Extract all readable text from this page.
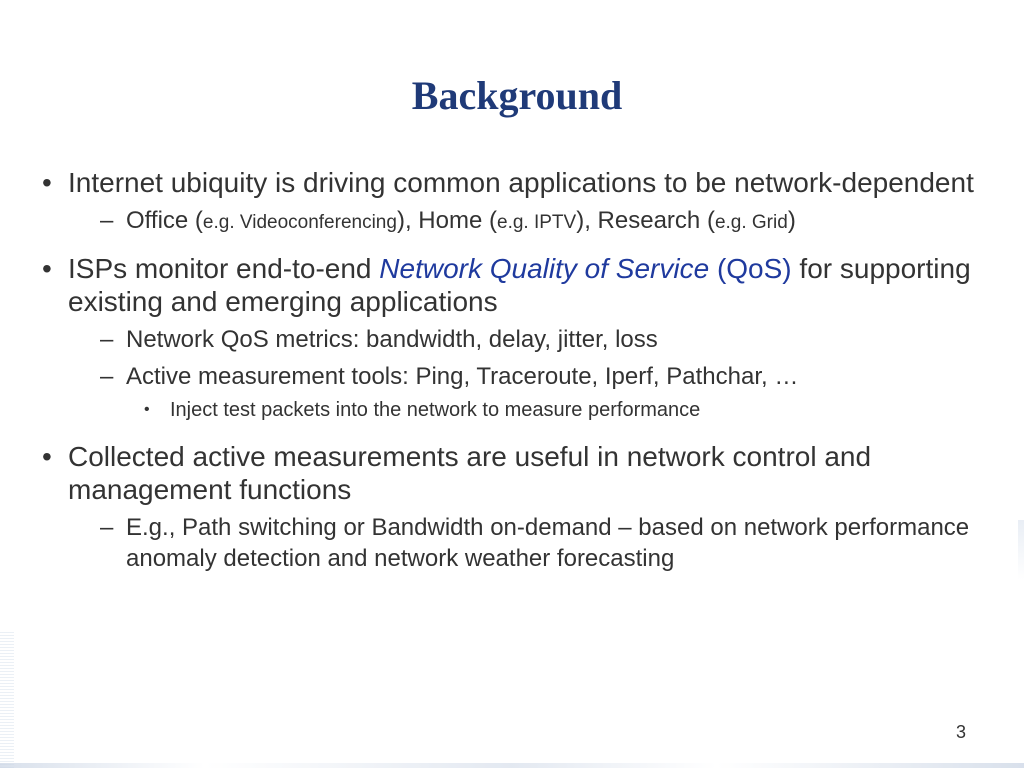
Background
• Internet ubiquity is driving common applications to be network-dependent
– Office (e.g. Videoconferencing), Home (e.g. IPTV), Research (e.g. Grid)
• ISPs monitor end-to-end Network Quality of Service (QoS) for supporting existing and emerging applications
– Network QoS metrics: bandwidth, delay, jitter, loss
– Active measurement tools: Ping, Traceroute, Iperf, Pathchar, …
• Inject test packets into the network to measure performance
• Collected active measurements are useful in network control and management functions
– E.g., Path switching or Bandwidth on-demand – based on network performance anomaly detection and network weather forecasting
3
